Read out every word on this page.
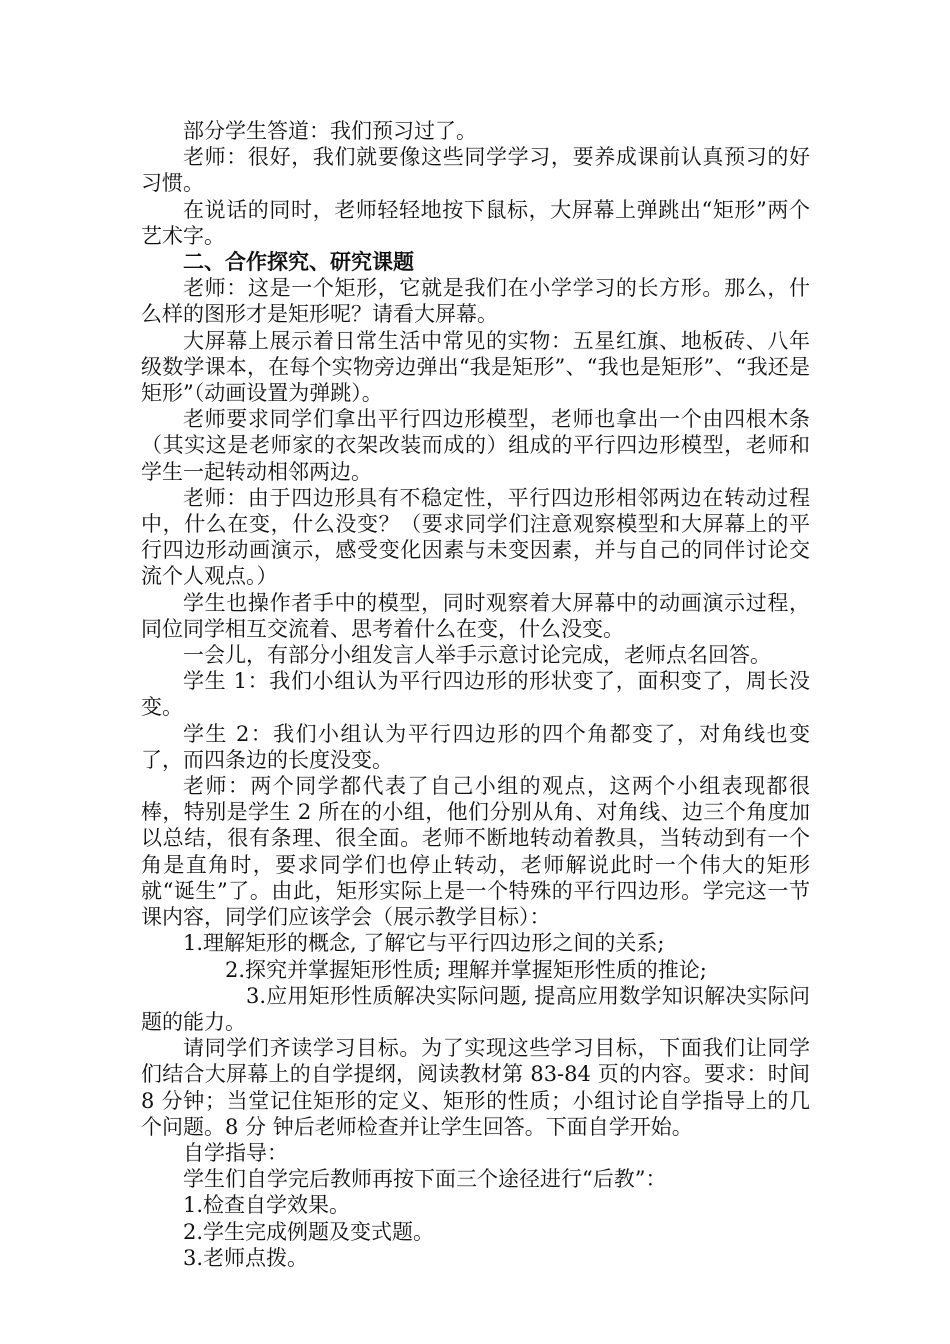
部分学生答道：我们预习过了。

老师：很好，我们就要像这些同学学习，要养成课前认真预习的好习惯。

在说话的同时，老师轻轻地按下鼠标，大屏幕上弹跳出“矩形”两个艺术字。

二、合作探究、研究课题

老师：这是一个矩形，它就是我们在小学学习的长方形。那么，什么样的图形才是矩形呢？请看大屏幕。

大屏幕上展示着日常生活中常见的实物：五星红旗、地板砖、八年级数学课本，在每个实物旁边弹出“我是矩形”、“我也是矩形”、“我还是矩形”（动画设置为弹跳）。

老师要求同学们拿出平行四边形模型，老师也拿出一个由四根木条（其实这是老师家的衣架改装而成的）组成的平行四边形模型，老师和学生一起转动相邻两边。

老师：由于四边形具有不稳定性，平行四边形相邻两边在转动过程中，什么在变，什么没变？（要求同学们注意观察模型和大屏幕上的平行四边形动画演示，感受变化因素与未变因素，并与自己的同伴讨论交流个人观点。）

学生也操作者手中的模型，同时观察着大屏幕中的动画演示过程，同位同学相互交流着、思考着什么在变，什么没变。

一会儿，有部分小组发言人举手示意讨论完成，老师点名回答。

学生 1：我们小组认为平行四边形的形状变了，面积变了，周长没变。

学生 2：我们小组认为平行四边形的四个角都变了，对角线也变了，而四条边的长度没变。

老师：两个同学都代表了自己小组的观点，这两个小组表现都很棒，特别是学生 2 所在的小组，他们分别从角、对角线、边三个角度加以总结，很有条理、很全面。老师不断地转动着教具，当转动到有一个角是直角时，要求同学们也停止转动，老师解说此时一个伟大的矩形就“诞生”了。由此，矩形实际上是一个特殊的平行四边形。学完这一节课内容，同学们应该学会（展示教学目标）：

1.理解矩形的概念, 了解它与平行四边形之间的关系;

2.探究并掌握矩形性质; 理解并掌握矩形性质的推论;

3.应用矩形性质解决实际问题, 提高应用数学知识解决实际问题的能力。

请同学们齐读学习目标。为了实现这些学习目标，下面我们让同学们结合大屏幕上的自学提纲，阅读教材第 83-84 页的内容。要求：时间 8 分钟；当堂记住矩形的定义、矩形的性质；小组讨论自学指导上的几个问题。8 分 钟后老师检查并让学生回答。下面自学开始。

自学指导：

学生们自学完后教师再按下面三个途径进行“后教”：

1.检查自学效果。

2.学生完成例题及变式题。

3.老师点拨。
